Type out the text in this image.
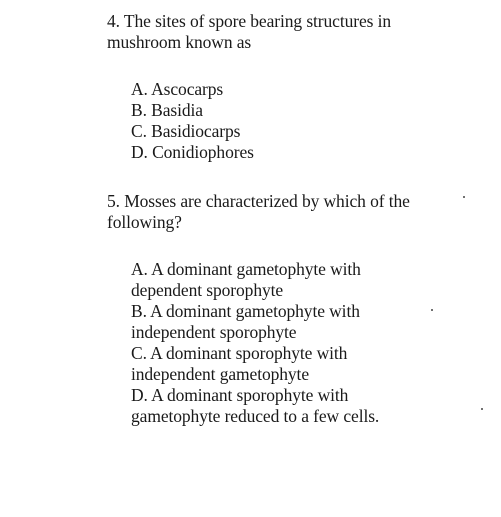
4. The sites of spore bearing structures in
mushroom known as
A. Ascocarps
B. Basidia
C. Basidiocarps
D. Conidiophores
5. Mosses are characterized by which of the
following?
A. A dominant gametophyte with
dependent sporophyte
B. A dominant gametophyte with
independent sporophyte
C. A dominant sporophyte with
independent gametophyte
D. A dominant sporophyte with
gametophyte reduced to a few cells.
